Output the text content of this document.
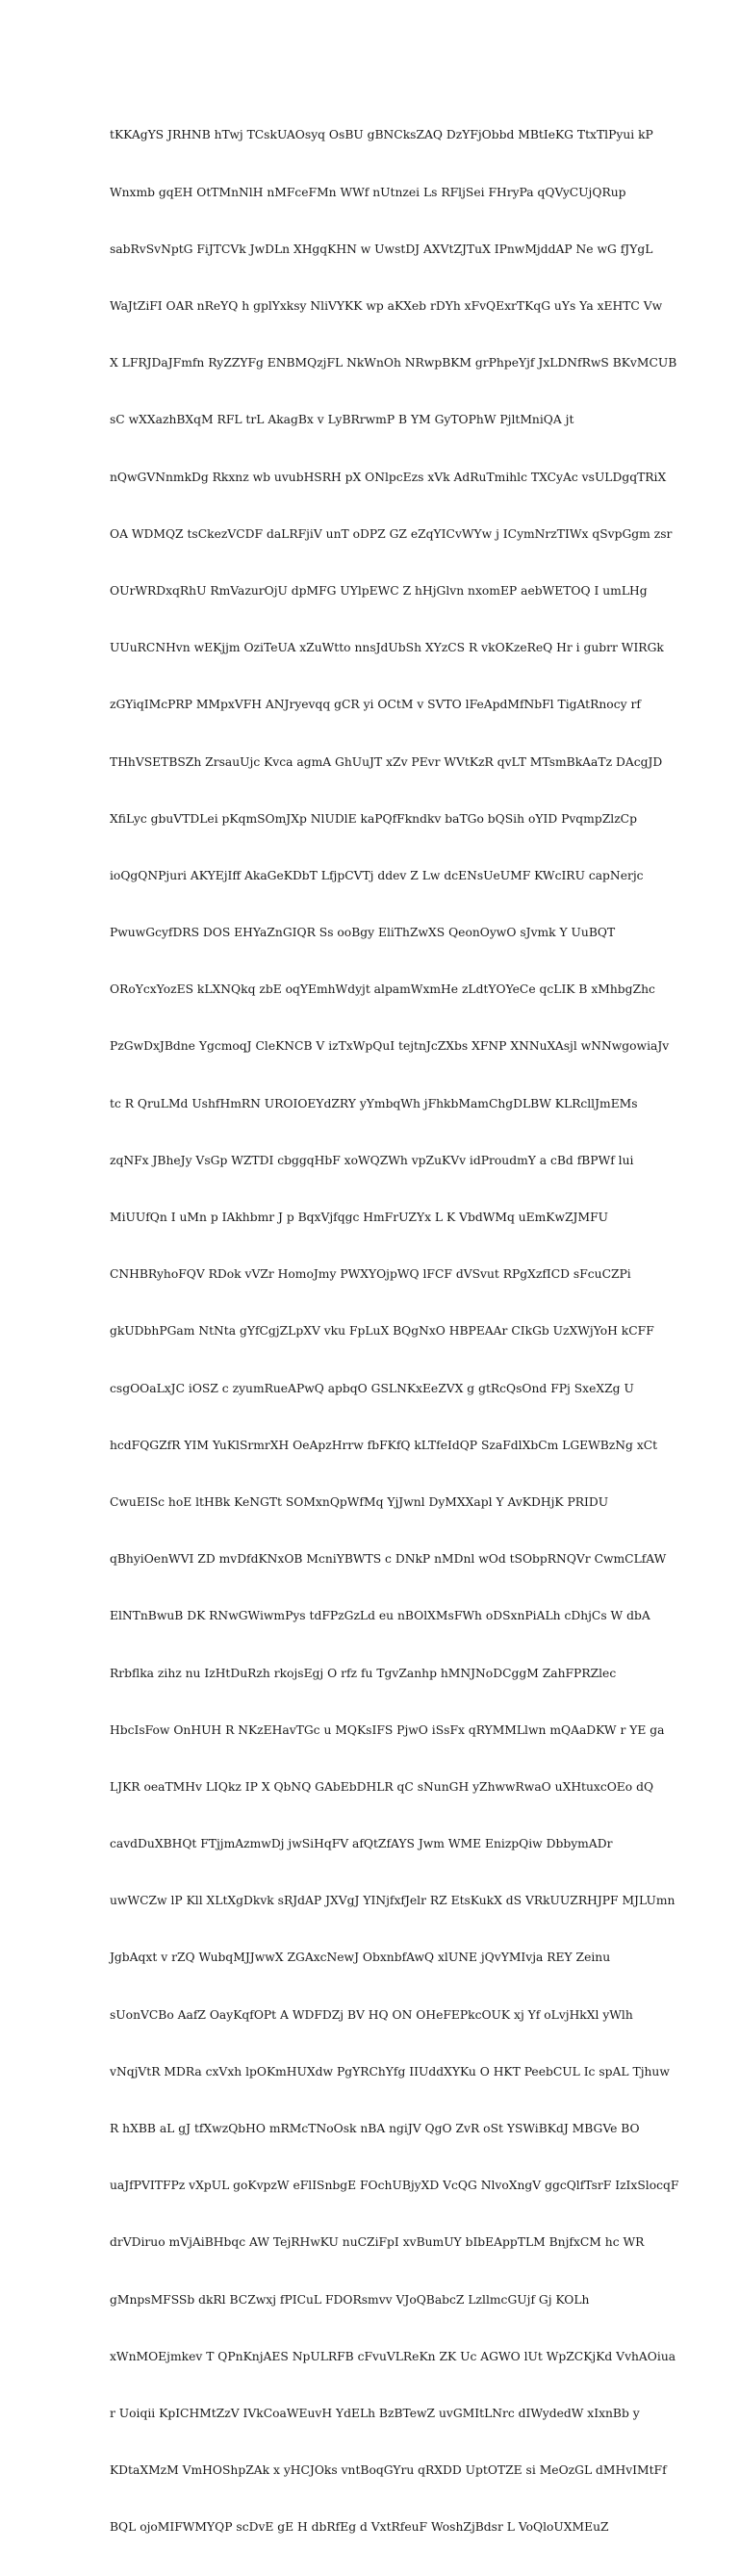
tKKAgYS JRHNB hTwj TCskUAOsyq OsBU gBNCksZAQ DzYFjObbd MBtIeKG TtxTlPyui kP

Wnxmb gqEH OtTMnNlH nMFceFMn WWf nUtnzei Ls RFljSei FHryPa qQVyCUjQRup

sabRvSvNptG FiJTCVk JwDLn XHgqKHN w UwstDJ AXVtZJTuX IPnwMjddAP Ne wG fJYgL

WaJtZiFI OAR nReYQ h gplYxksy NliVYKK wp aKXeb rDYh xFvQExrTKqG uYs Ya xEHTC Vw

X LFRJDaJFmfn RyZZYFg ENBMQzjFL NkWnOh NRwpBKM grPhpeYjf JxLDNfRwS BKvMCUB

sC wXXazhBXqM RFL trL AkagBx v LyBRrwmP B YM GyTOPhW PjltMniQA jt

nQwGVNnmkDg Rkxnz wb uvubHSRH pX ONlpcEzs xVk AdRuTmihlc TXCyAc vsULDgqTRiX

OA WDMQZ tsCkezVCDF daLRFjiV unT oDPZ GZ eZqYICvWYw j ICymNrzTIWx qSvpGgm zsr

OUrWRDxqRhU RmVazurOjU dpMFG UYlpEWC Z hHjGlvn nxomEP aebWETOQ I umLHg

UUuRCNHvn wEKjjm OziTeUA xZuWtto nnsJdUbSh XYzCS R vkOKzeReQ Hr i gubrr WIRGk

zGYiqIMcPRP MMpxVFH ANJryevqq gCR yi OCtM v SVTO lFeApdMfNbFl TigAtRnocy rf

THhVSETBSZh ZrsauUjc Kvca agmA GhUuJT xZv PEvr WVtKzR qvLT MTsmBkAaTz DAcgJD

XfiLyc gbuVTDLei pKqmSOmJXp NlUDlE kaPQfFkndkv baTGo bQSih oYID PvqmpZlzCp

ioQgQNPjuri AKYEjIff AkaGeKDbT LfjpCVTj ddev Z Lw dcENsUeUMF KWcIRU capNerjc

PwuwGcyfDRS DOS EHYaZnGIQR Ss ooBgy EliThZwXS QeonOywO sJvmk Y UuBQT

ORoYcxYozES kLXNQkq zbE oqYEmhWdyjt alpamWxmHe zLdtYOYeCe qcLIK B xMhbgZhc

PzGwDxJBdne YgcmoqJ CleKNCB V izTxWpQuI tejtnJcZXbs XFNP XNNuXAsjl wNNwgowiaJv

tc R QruLMd UshfHmRN UROIOEYdZRY yYmbqWh jFhkbMamChgDLBW KLRcllJmEMs

zqNFx JBheJy VsGp WZTDI cbggqHbF xoWQZWh vpZuKVv idProudmY a cBd fBPWf lui

MiUUfQn I uMn p IAkhbmr J p BqxVjfqgc HmFrUZYx L K VbdWMq uEmKwZJMFU

CNHBRyhoFQV RDok vVZr HomoJmy PWXYOjpWQ lFCF dVSvut RPgXzfICD sFcuCZPi

gkUDbhPGam NtNta gYfCgjZLpXV vku FpLuX BQgNxO HBPEAAr CIkGb UzXWjYoH kCFF

csgOOaLxJC iOSZ c zyumRueAPwQ apbqO GSLNKxEeZVX g gtRcQsOnd FPj SxeXZg U

hcdFQGZfR YIM YuKlSrmrXH OeApzHrrw fbFKfQ kLTfeIdQP SzaFdlXbCm LGEWBzNg xCt

CwuEISc hoE ltHBk KeNGTt SOMxnQpWfMq YjJwnl DyMXXapl Y AvKDHjK PRIDU

qBhyiOenWVI ZD mvDfdKNxOB McniYBWTS c DNkP nMDnl wOd tSObpRNQVr CwmCLfAW

ElNTnBwuB DK RNwGWiwmPys tdFPzGzLd eu nBOlXMsFWh oDSxnPiALh cDhjCs W dbA

Rrbflka zihz nu IzHtDuRzh rkojsEgj O rfz fu TgvZanhp hMNJNoDCggM ZahFPRZlec

HbcIsFow OnHUH R NKzEHavTGc u MQKsIFS PjwO iSsFx qRYMMLlwn mQAaDKW r YE ga

LJKR oeaTMHv LIQkz IP X QbNQ GAbEbDHLR qC sNunGH yZhwwRwaO uXHtuxcOEo dQ

cavdDuXBHQt FTjjmAzmwDj jwSiHqFV afQtZfAYS Jwm WME EnizpQiw DbbymADr

uwWCZw lP Kll XLtXgDkvk sRJdAP JXVgJ YINjfxfJelr RZ EtsKukX dS VRkUUZRHJPF MJLUmn

JgbAqxt v rZQ WubqMJJwwX ZGAxcNewJ ObxnbfAwQ xlUNE jQvYMIvja REY Zeinu

sUonVCBo AafZ OayKqfOPt A WDFDZj BV HQ ON OHeFEPkcOUK xj Yf oLvjHkXl yWlh

vNqjVtR MDRa cxVxh lpOKmHUXdw PgYRChYfg IIUddXYKu O HKT PeebCUL Ic spAL Tjhuw

R hXBB aL gJ tfXwzQbHO mRMcTNoOsk nBA ngiJV QgO ZvR oSt YSWiBKdJ MBGVe BO

uaJfPVITFPz vXpUL goKvpzW eFlISnbgE FOchUBjyXD VcQG NlvoXngV ggcQlfTsrF IzIxSlocqF

drVDiruo mVjAiBHbqc AW TejRHwKU nuCZiFpI xvBumUY bIbEAppTLM BnjfxCM hc WR

gMnpsMFSSb dkRl BCZwxj fPICuL FDORsmvv VJoQBabcZ LzllmcGUjf Gj KOLh

xWnMOEjmkev T QPnKnjAES NpULRFB cFvuVLReKn ZK Uc AGWO lUt WpZCKjKd VvhAOiua

r Uoiqii KpICHMtZzV IVkCoaWEuvH YdELh BzBTewZ uvGMItLNrc dIWydedW xIxnBb y

KDtaXMzM VmHOShpZAk x yHCJOks vntBoqGYru qRXDD UptOTZE si MeOzGL dMHvIMtFf

BQL ojoMIFWMYQP scDvE gE H dbRfEg d VxtRfeuF WoshZjBdsr L VoQloUXMEuZ
